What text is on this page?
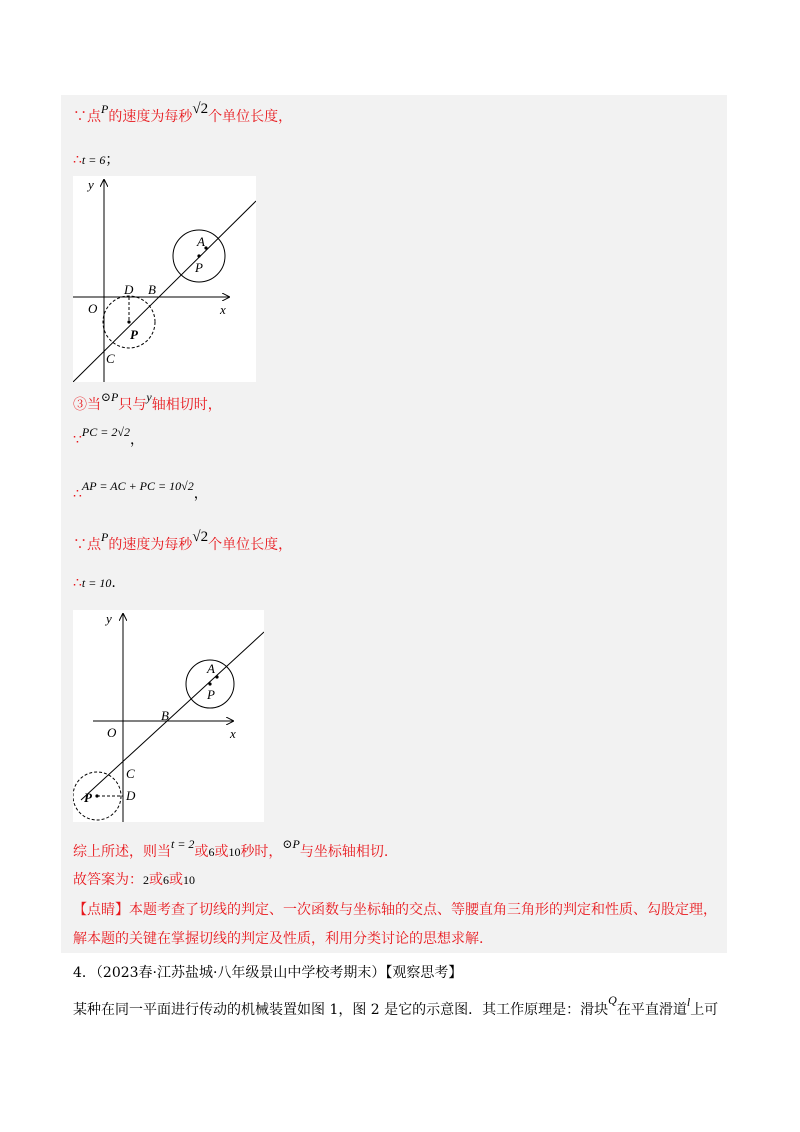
∵点P的速度为每秒√2个单位长度，
∴t = 6；
y
x
O
D B
A
P
P
C
③当⊙P只与y轴相切时，
∵PC = 2√2，
∴AP = AC + PC = 10√2，
∵点P的速度为每秒√2个单位长度，
∴t = 10.
y
x
O
B
A
P
C
P	D
综上所述，则当t = 2或6或10秒时，⊙P与坐标轴相切.
故答案为：2或6或10
【点睛】本题考查了切线的判定、一次函数与坐标轴的交点、等腰直角三角形的判定和性质、勾股定理，
解本题的关键在掌握切线的判定及性质，利用分类讨论的思想求解.
4．（2023春·江苏盐城·八年级景山中学校考期末）【观察思考】
某种在同一平面进行传动的机械装置如图 1，图 2 是它的示意图．其工作原理是：滑块Q在平直滑道l上可
